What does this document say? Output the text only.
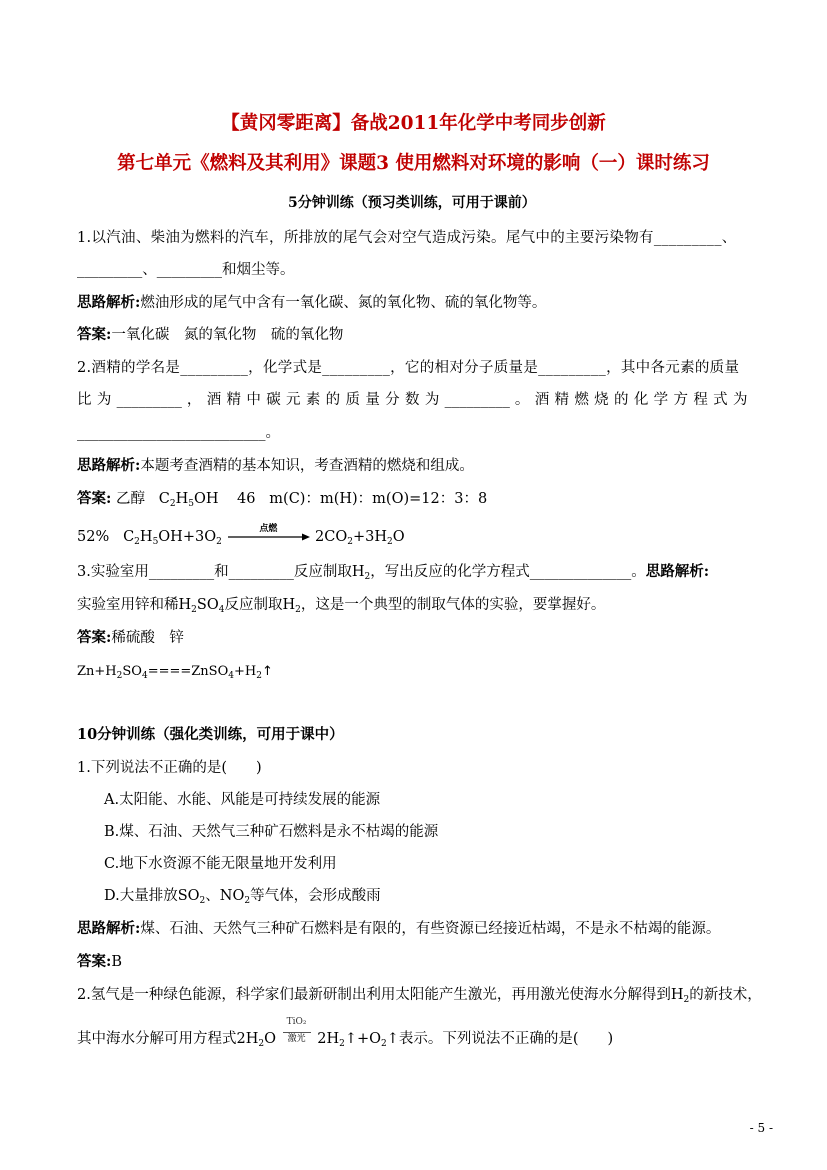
【黄冈零距离】备战2011年化学中考同步创新
第七单元《燃料及其利用》课题3 使用燃料对环境的影响（一）课时练习
5分钟训练（预习类训练，可用于课前）
1.以汽油、柴油为燃料的汽车，所排放的尾气会对空气造成污染。尾气中的主要污染物有_________、
_________、_________和烟尘等。
思路解析:燃油形成的尾气中含有一氧化碳、氮的氧化物、硫的氧化物等。
答案:一氧化碳　氮的氧化物　硫的氧化物
2.酒精的学名是_________，化学式是_________，它的相对分子质量是_________，其中各元素的质量
比 为 _________ ， 酒 精 中 碳 元 素 的 质 量 分 数 为 _________ 。 酒 精 燃 烧 的 化 学 方 程 式 为
__________________________。
思路解析:本题考查酒精的基本知识，考查酒精的燃烧和组成。
答案: 乙醇 $C_2H_5OH$ 46 m(C)：m(H)：m(O)=12：3：8
52% $C_2H_5OH+3O_2$
点燃	$2CO_2+3H_2O$
3.实验室用_________和_________反应制取$H_2$，写出反应的化学方程式______________。思路解析:
实验室用锌和稀$H_2SO_4$反应制取$H_2$，这是一个典型的制取气体的实验，要掌握好。
答案:稀硫酸　锌
$Zn+H_2SO_4====ZnSO_4+H_2↑$
10分钟训练（强化类训练，可用于课中）
1.下列说法不正确的是(　　)
A.太阳能、水能、风能是可持续发展的能源
B.煤、石油、天然气三种矿石燃料是永不枯竭的能源
C.地下水资源不能无限量地开发利用
D.大量排放$SO_2$、$NO_2$等气体，会形成酸雨
思路解析:煤、石油、天然气三种矿石燃料是有限的，有些资源已经接近枯竭，不是永不枯竭的能源。
答案:B
2.氢气是一种绿色能源，科学家们最新研制出利用太阳能产生激光，再用激光使海水分解得到$H_2$的新技术，
其中海水分解可用方程式$2H_2O \frac{\text{TiO₂}}{\text{激光}}$ $2H_2↑+O_2↑$表示。下列说法不正确的是(　　)
- 5 -
